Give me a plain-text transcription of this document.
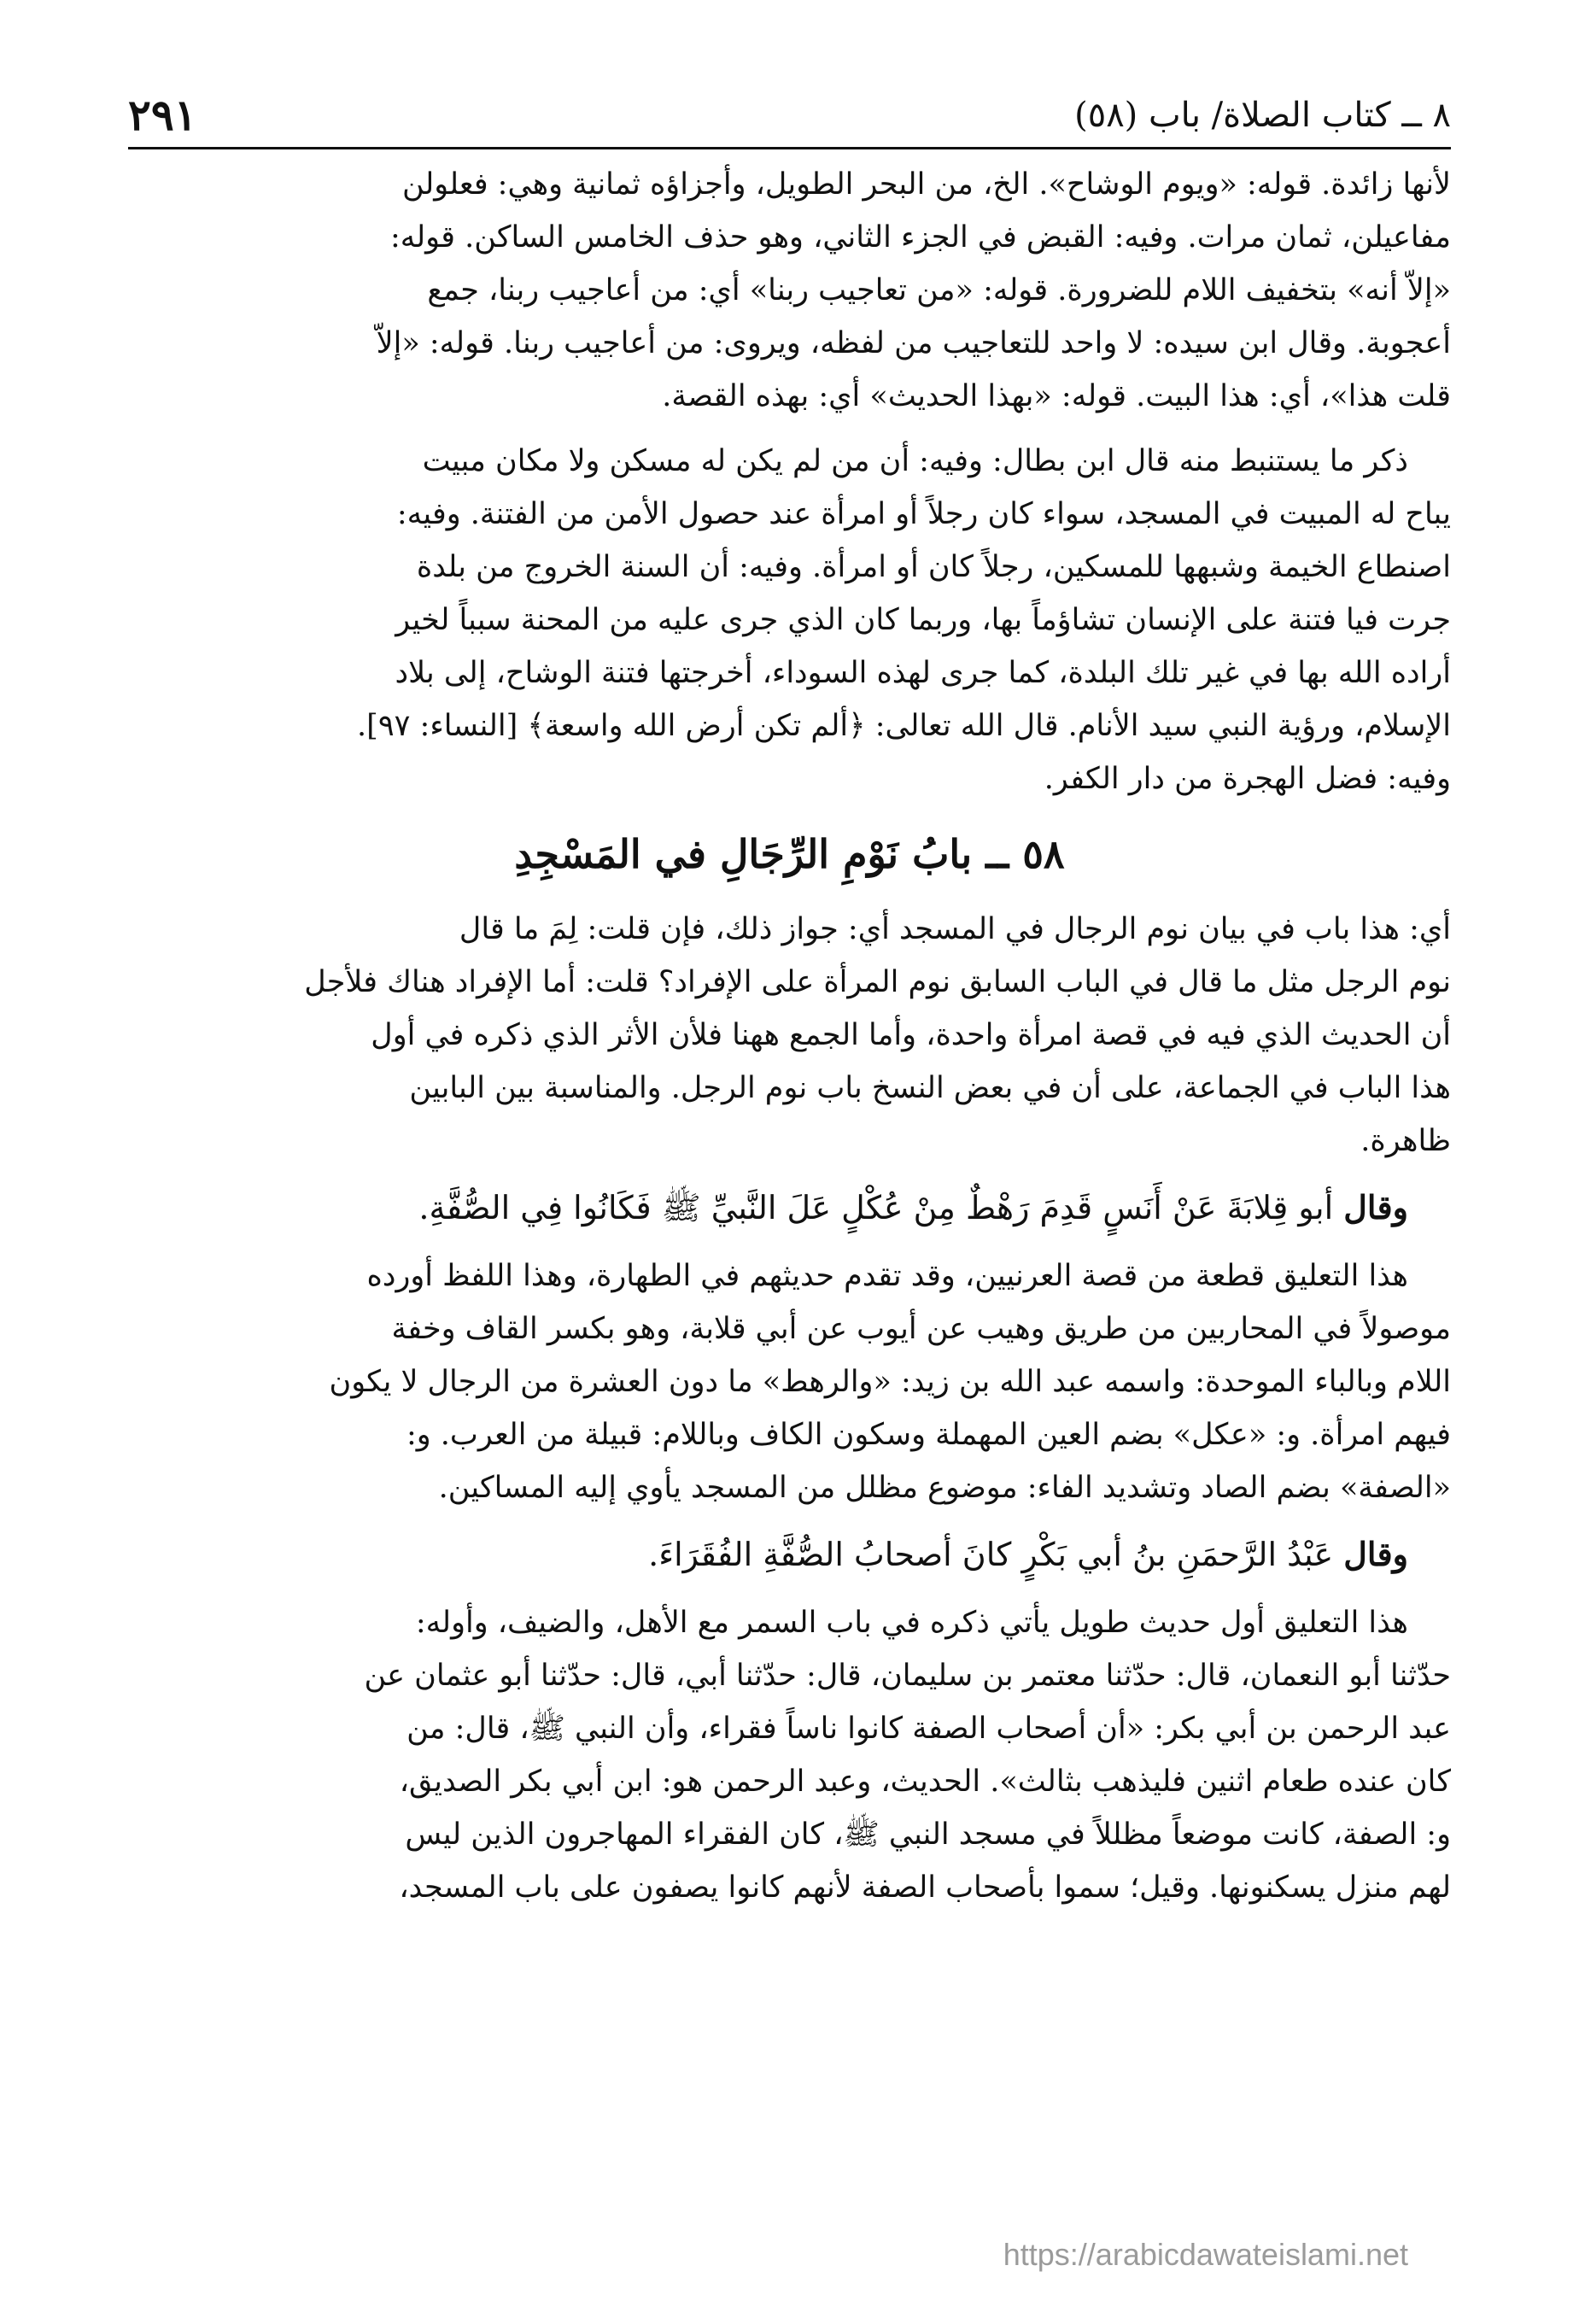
٨ ــ كتاب الصلاة/ باب (٥٨)
٢٩١
لأنها زائدة. قوله: «ويوم الوشاح». الخ، من البحر الطويل، وأجزاؤه ثمانية وهي: فعلولن
مفاعيلن، ثمان مرات. وفيه: القبض في الجزء الثاني، وهو حذف الخامس الساكن. قوله:
«إلاّ أنه» بتخفيف اللام للضرورة. قوله: «من تعاجيب ربنا» أي: من أعاجيب ربنا، جمع
أعجوبة. وقال ابن سيده: لا واحد للتعاجيب من لفظه، ويروى: من أعاجيب ربنا. قوله: «إلاّ
قلت هذا»، أي: هذا البيت. قوله: «بهذا الحديث» أي: بهذه القصة.
ذكر ما يستنبط منه قال ابن بطال: وفيه: أن من لم يكن له مسكن ولا مكان مبيت
يباح له المبيت في المسجد، سواء كان رجلاً أو امرأة عند حصول الأمن من الفتنة. وفيه:
اصنطاع الخيمة وشبهها للمسكين، رجلاً كان أو امرأة. وفيه: أن السنة الخروج من بلدة
جرت فيا فتنة على الإنسان تشاؤماً بها، وربما كان الذي جرى عليه من المحنة سبباً لخير
أراده الله بها في غير تلك البلدة، كما جرى لهذه السوداء، أخرجتها فتنة الوشاح، إلى بلاد
الإسلام، ورؤية النبي سيد الأنام. قال الله تعالى: ﴿ألم تكن أرض الله واسعة﴾ [النساء: ٩٧].
وفيه: فضل الهجرة من دار الكفر.
٥٨ ــ بابُ نَوْمِ الرِّجَالِ في المَسْجِدِ
أي: هذا باب في بيان نوم الرجال في المسجد أي: جواز ذلك، فإن قلت: لِمَ ما قال
نوم الرجل مثل ما قال في الباب السابق نوم المرأة على الإفراد؟ قلت: أما الإفراد هناك فلأجل
أن الحديث الذي فيه في قصة امرأة واحدة، وأما الجمع ههنا فلأن الأثر الذي ذكره في أول
هذا الباب في الجماعة، على أن في بعض النسخ باب نوم الرجل. والمناسبة بين البابين
ظاهرة.
وقال أبو قِلابَةَ عَنْ أَنَسٍ قَدِمَ رَهْطٌ مِنْ عُكْلٍ عَلَ النَّبيِّ ﷺ فَكَانُوا فِي الصُّفَّةِ.
هذا التعليق قطعة من قصة العرنيين، وقد تقدم حديثهم في الطهارة، وهذا اللفظ أورده
موصولاً في المحاربين من طريق وهيب عن أيوب عن أبي قلابة، وهو بكسر القاف وخفة
اللام وبالباء الموحدة: واسمه عبد الله بن زيد: «والرهط» ما دون العشرة من الرجال لا يكون
فيهم امرأة. و: «عكل» بضم العين المهملة وسكون الكاف وباللام: قبيلة من العرب. و:
«الصفة» بضم الصاد وتشديد الفاء: موضوع مظلل من المسجد يأوي إليه المساكين.
وقال عَبْدُ الرَّحمَنِ بنُ أبي بَكْرٍ كانَ أصحابُ الصُّفَّةِ الفُقَرَاءَ.
هذا التعليق أول حديث طويل يأتي ذكره في باب السمر مع الأهل، والضيف، وأوله:
حدّثنا أبو النعمان، قال: حدّثنا معتمر بن سليمان، قال: حدّثنا أبي، قال: حدّثنا أبو عثمان عن
عبد الرحمن بن أبي بكر: «أن أصحاب الصفة كانوا ناساً فقراء، وأن النبي ﷺ، قال: من
كان عنده طعام اثنين فليذهب بثالث». الحديث، وعبد الرحمن هو: ابن أبي بكر الصديق،
و: الصفة، كانت موضعاً مظللاً في مسجد النبي ﷺ، كان الفقراء المهاجرون الذين ليس
لهم منزل يسكنونها. وقيل؛ سموا بأصحاب الصفة لأنهم كانوا يصفون على باب المسجد،
https://arabicdawateislami.net
